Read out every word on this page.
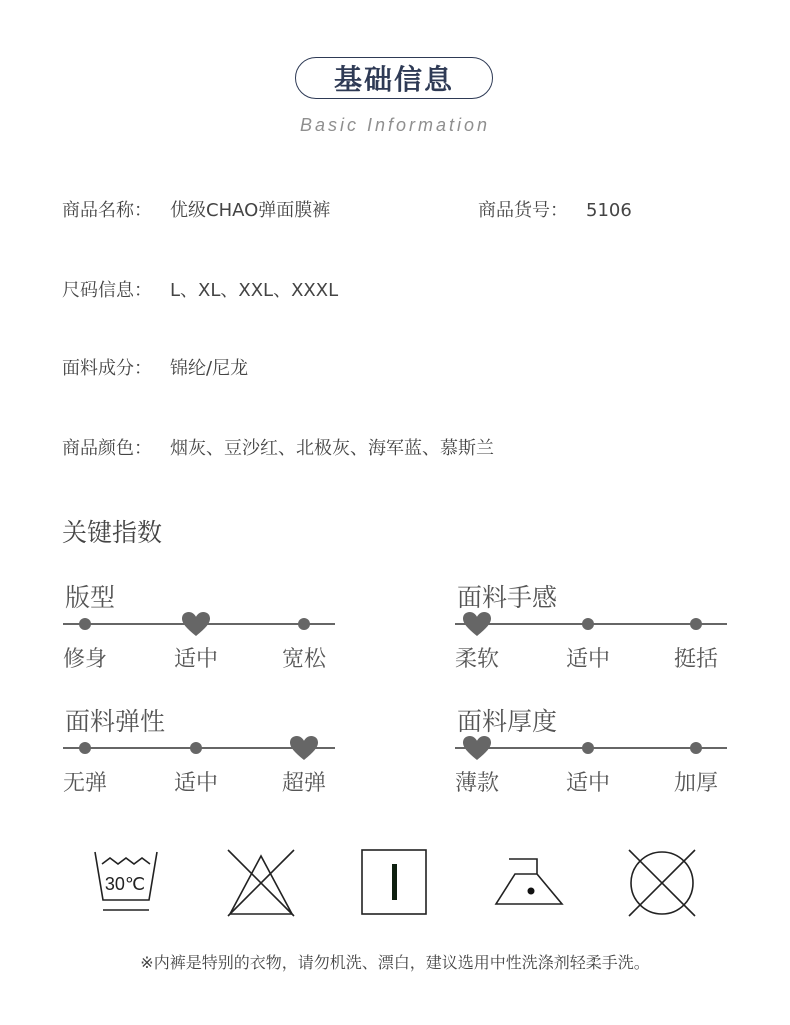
基础信息
Basic Information
商品名称： 优级CHAO弹面膜裤	商品货号： 5106
尺码信息： L、XL、XXL、XXXL
面料成分： 锦纶/尼龙
商品颜色： 烟灰、豆沙红、北极灰、海军蓝、慕斯兰
关键指数
版型
修身	适中	宽松
面料手感
柔软	适中	挺括
面料弹性
无弹	适中	超弹
面料厚度
薄款	适中	加厚
30℃
※内裤是特别的衣物，请勿机洗、漂白，建议选用中性洗涤剂轻柔手洗。
